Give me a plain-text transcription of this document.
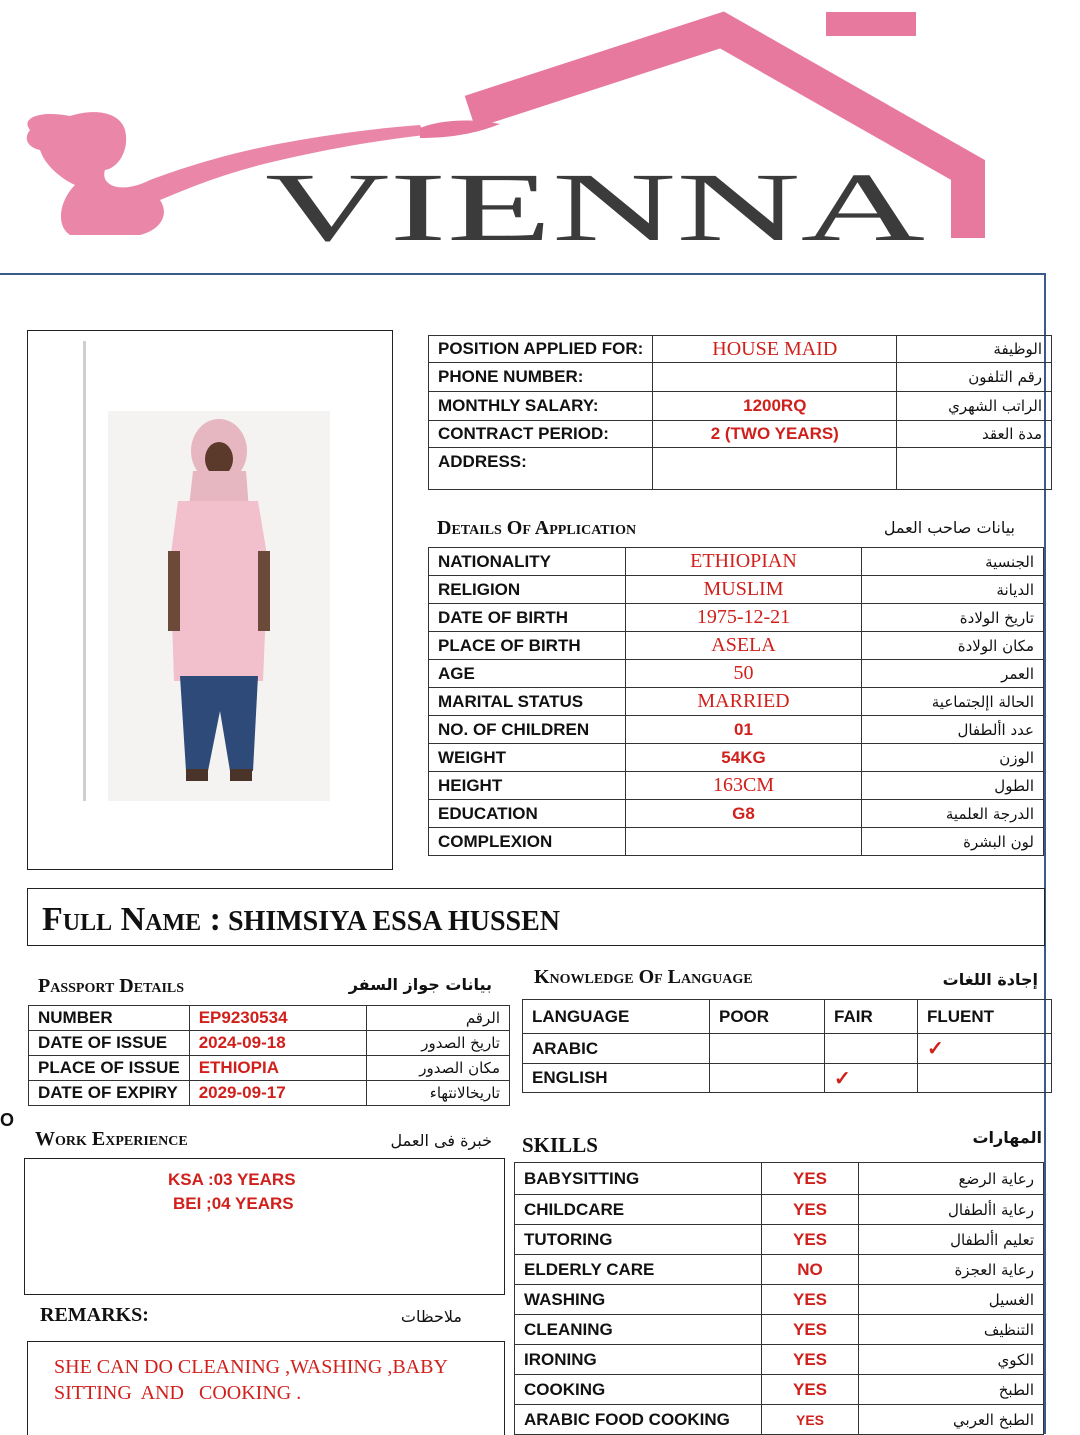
VIENNA
POSITION APPLIED FOR:	HOUSE MAID	الوظيفة
PHONE NUMBER:		رقم التلفون
MONTHLY SALARY:	1200RQ	الراتب الشهري
CONTRACT PERIOD:	2 (TWO YEARS)	مدة العقد
ADDRESS:		
Details Of Application	بيانات صاحب العمل
NATIONALITY	ETHIOPIAN	الجنسية
RELIGION	MUSLIM	الديانة
DATE OF BIRTH	1975-12-21	تاريخ الولادة
PLACE OF BIRTH	ASELA	مكان الولادة
AGE	50	العمر
MARITAL STATUS	MARRIED	الحالة اإلجتماعية
NO. OF CHILDREN	01	عدد األطفال
WEIGHT	54KG	الوزن
HEIGHT	163CM	الطول
EDUCATION	G8	الدرجة العلمية
COMPLEXION		لون البشرة
Full Name : SHIMSIYA ESSA HUSSEN
Passport Details	بيانات جواز السفر
NUMBER	EP9230534	الرقم
DATE OF ISSUE	2024-09-18	تاريخ الصدور
PLACE OF ISSUE	ETHIOPIA	مكان الصدور
DATE OF EXPIRY	2029-09-17	تاريخالانتهاء
O
Knowledge Of Language	إجادة اللغات
LANGUAGE	POOR	FAIR	FLUENT
ARABIC			✓
ENGLISH		✓	
Work Experience	خبرة فى العمل
KSA :03 YEARS
BEI ;04 YEARS
REMARKS:	ملاحظات
SHE CAN DO CLEANING ,WASHING ,BABY
SITTING  AND   COOKING .
SKILLS	المهارات
BABYSITTING	YES	رعاية الرضع
CHILDCARE	YES	رعاية األطفال
TUTORING	YES	تعليم األطفال
ELDERLY CARE	NO	رعاية العجزة
WASHING	YES	الغسيل
CLEANING	YES	التنظيف
IRONING	YES	الكوي
COOKING	YES	الطبخ
ARABIC FOOD COOKING	YES	الطبخ العربي
